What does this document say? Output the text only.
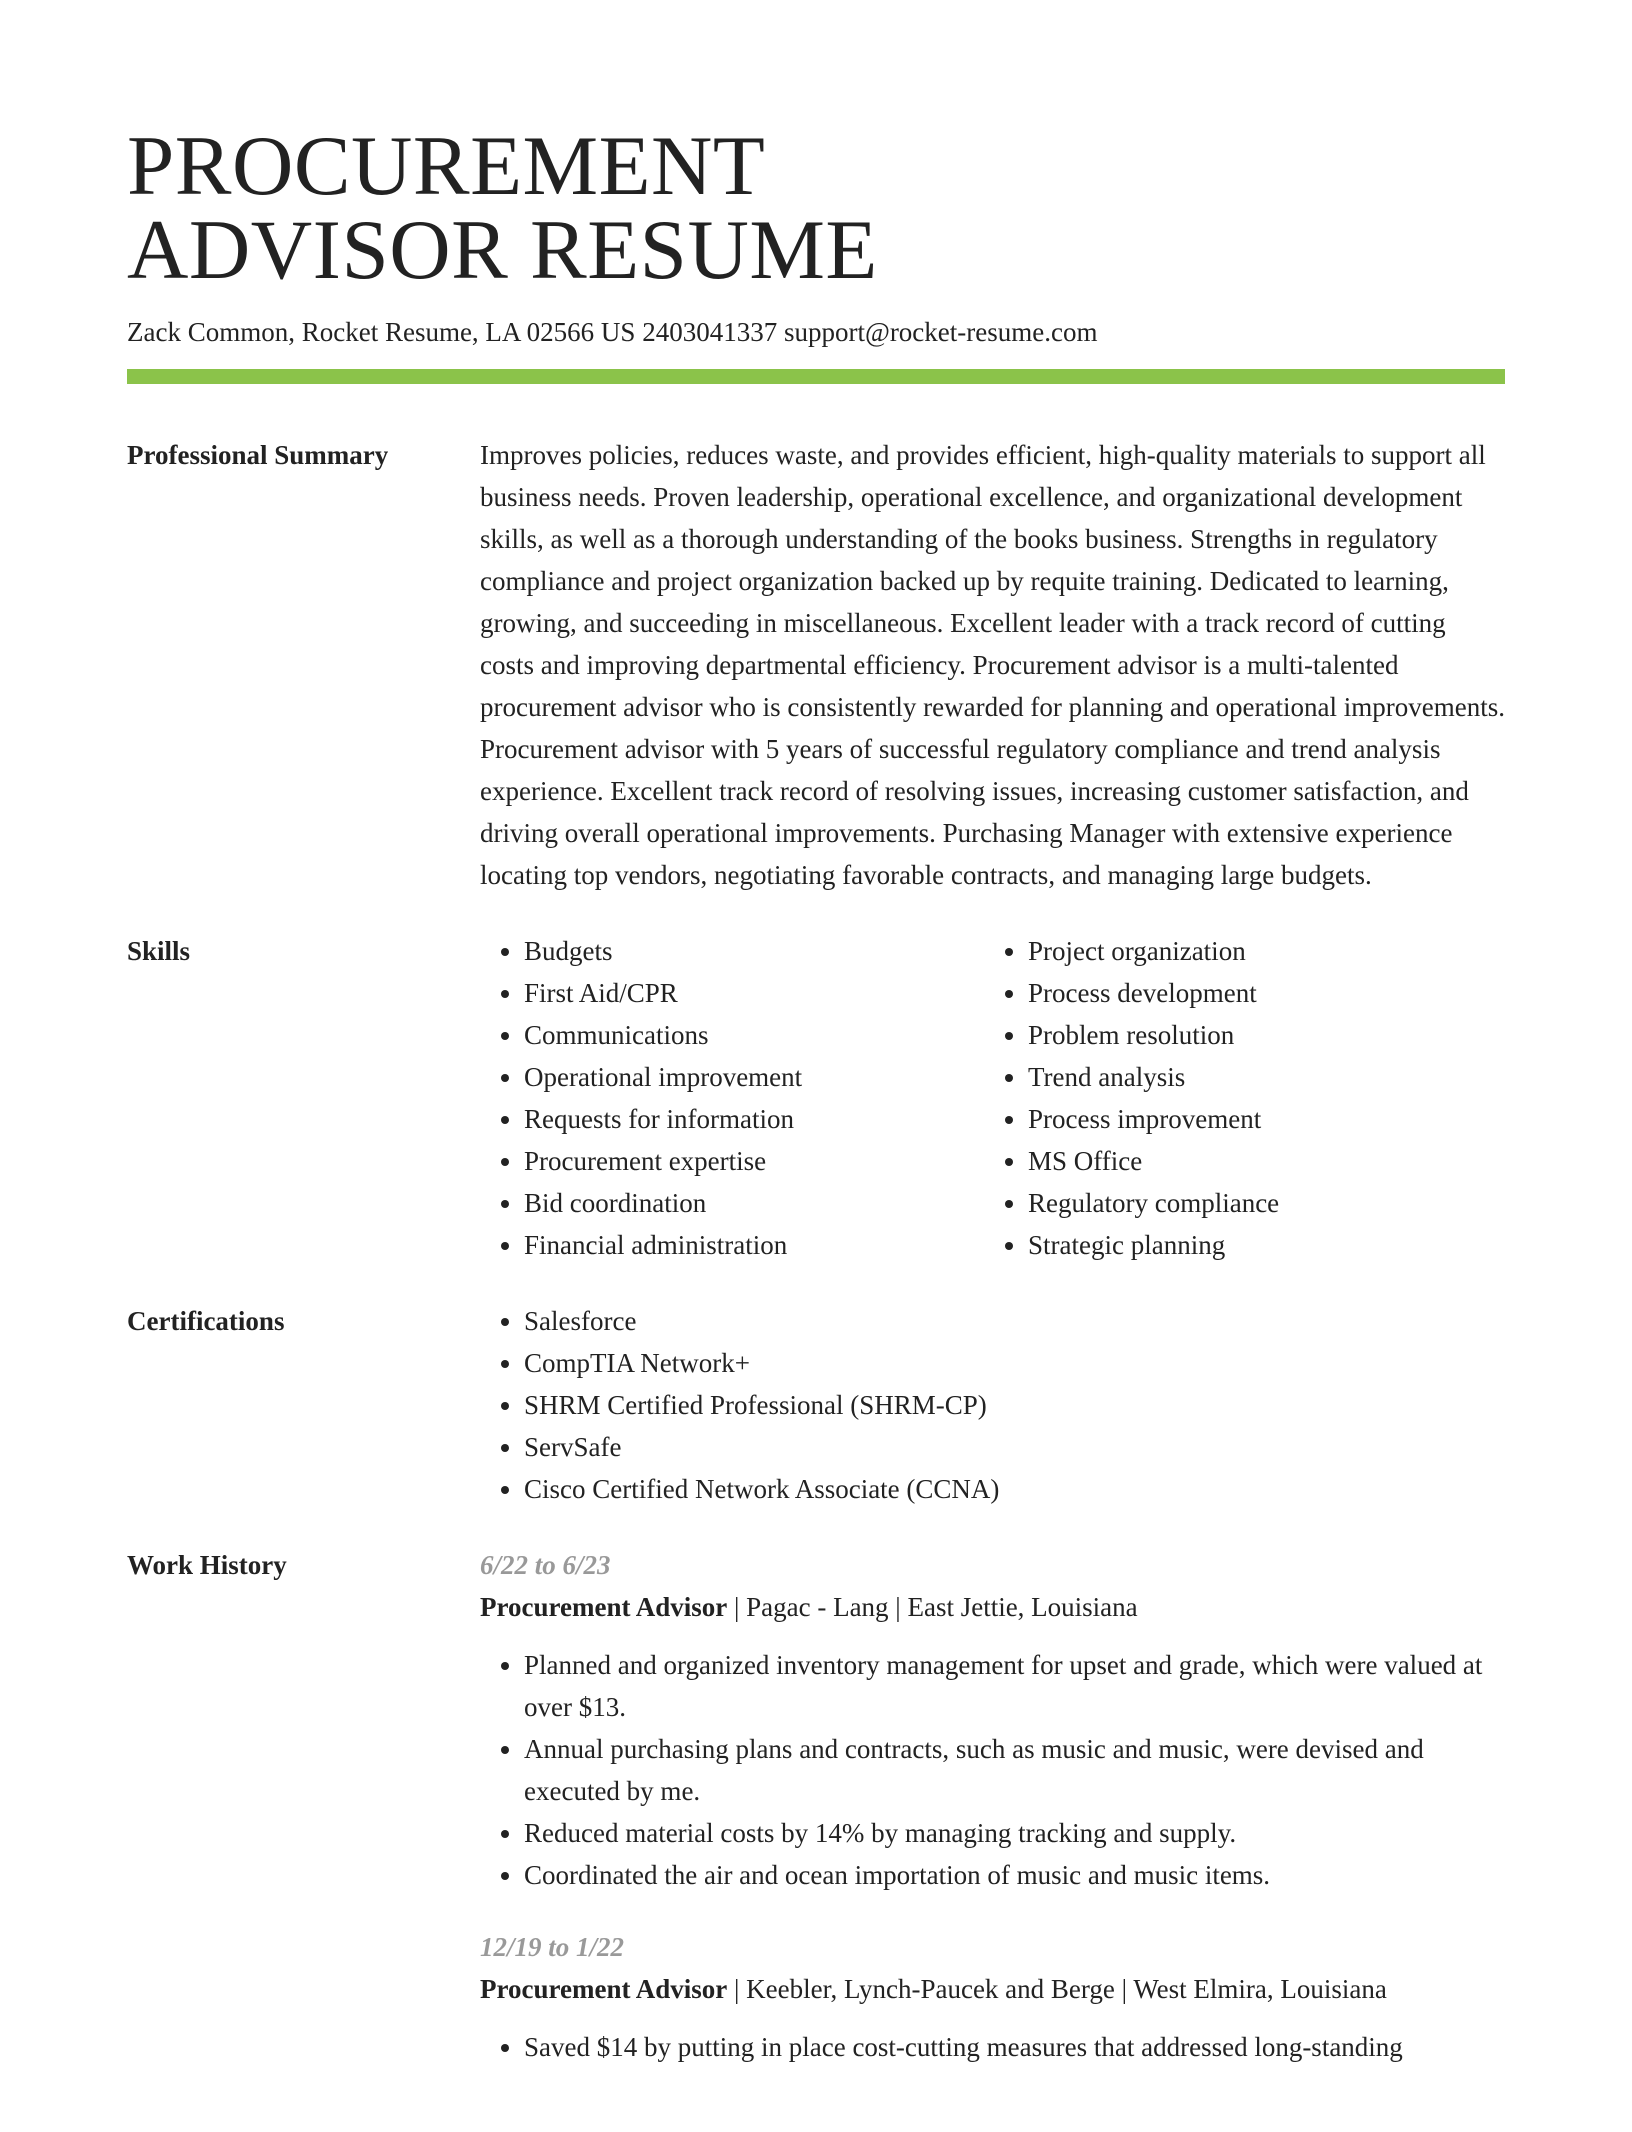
PROCUREMENT
ADVISOR RESUME
Zack Common, Rocket Resume, LA 02566 US 2403041337 support@rocket-resume.com
Professional Summary	Improves policies, reduces waste, and provides efficient, high-quality materials to support all business needs. Proven leadership, operational excellence, and organizational development skills, as well as a thorough understanding of the books business. Strengths in regulatory compliance and project organization backed up by requite training. Dedicated to learning, growing, and succeeding in miscellaneous. Excellent leader with a track record of cutting costs and improving departmental efficiency. Procurement advisor is a multi-talented procurement advisor who is consistently rewarded for planning and operational improvements. Procurement advisor with 5 years of successful regulatory compliance and trend analysis experience. Excellent track record of resolving issues, increasing customer satisfaction, and driving overall operational improvements. Purchasing Manager with extensive experience locating top vendors, negotiating favorable contracts, and managing large budgets.

Skills	• Budgets
• First Aid/CPR
• Communications
• Operational improvement
• Requests for information
• Procurement expertise
• Bid coordination
• Financial administration
• Project organization
• Process development
• Problem resolution
• Trend analysis
• Process improvement
• MS Office
• Regulatory compliance
• Strategic planning
Certifications	• Salesforce
• CompTIA Network+
• SHRM Certified Professional (SHRM-CP)
• ServSafe
• Cisco Certified Network Associate (CCNA)
Work History	6/22 to 6/23
Procurement Advisor | Pagac - Lang | East Jettie, Louisiana
• Planned and organized inventory management for upset and grade, which were valued at over $13.
• Annual purchasing plans and contracts, such as music and music, were devised and executed by me.
• Reduced material costs by 14% by managing tracking and supply.
• Coordinated the air and ocean importation of music and music items.
12/19 to 1/22
Procurement Advisor | Keebler, Lynch-Paucek and Berge | West Elmira, Louisiana
• Saved $14 by putting in place cost-cutting measures that addressed long-standing
